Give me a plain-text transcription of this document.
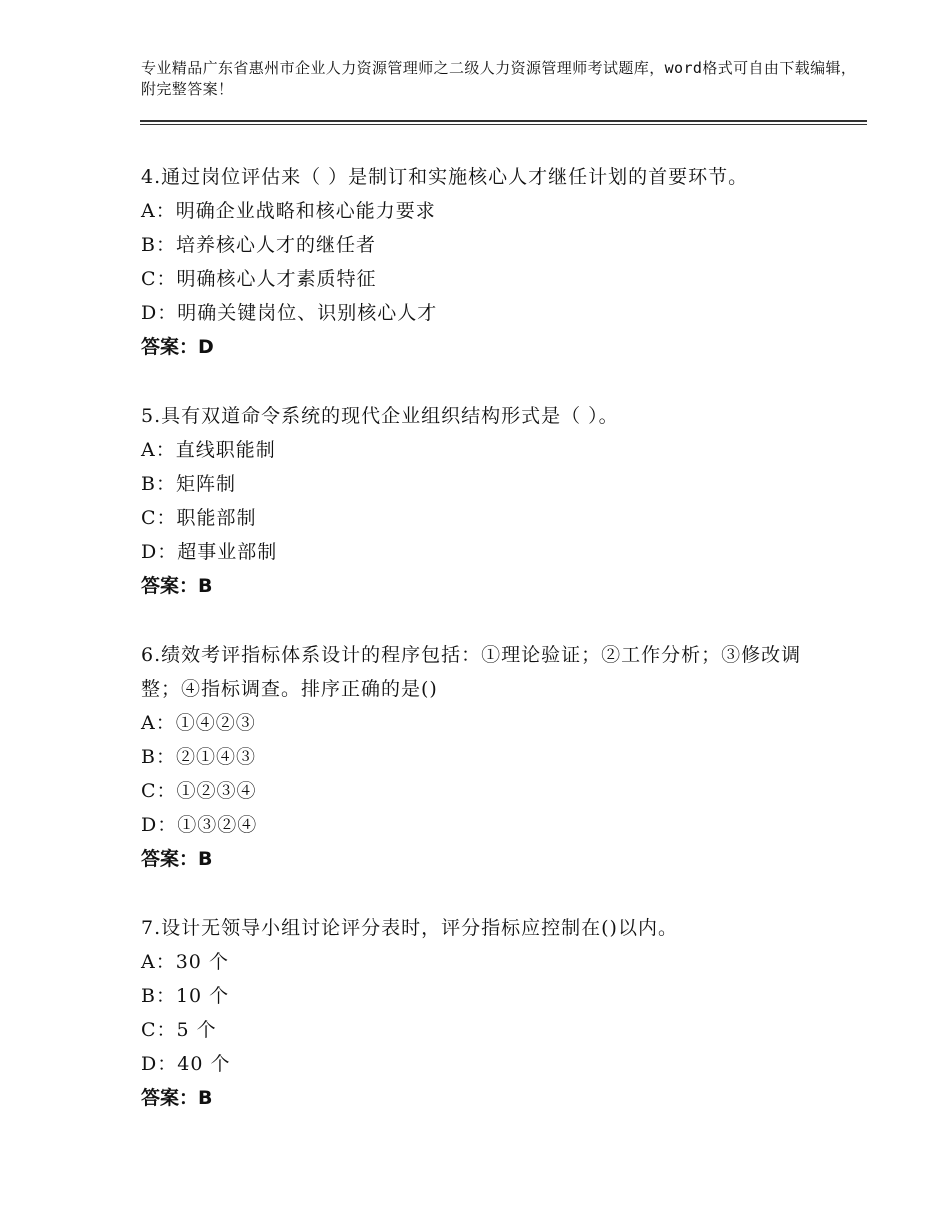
专业精品广东省惠州市企业人力资源管理师之二级人力资源管理师考试题库，word格式可自由下载编辑，附完整答案！
4.通过岗位评估来（ ）是制订和实施核心人才继任计划的首要环节。
A：明确企业战略和核心能力要求
B：培养核心人才的继任者
C：明确核心人才素质特征
D：明确关键岗位、识别核心人才
答案：D
5.具有双道命令系统的现代企业组织结构形式是（ ）。
A：直线职能制
B：矩阵制
C：职能部制
D：超事业部制
答案：B
6.绩效考评指标体系设计的程序包括：①理论验证；②工作分析；③修改调整；④指标调查。排序正确的是()
A：①④②③
B：②①④③
C：①②③④
D：①③②④
答案：B
7.设计无领导小组讨论评分表时，评分指标应控制在()以内。
A：30 个
B：10 个
C：5 个
D：40 个
答案：B
